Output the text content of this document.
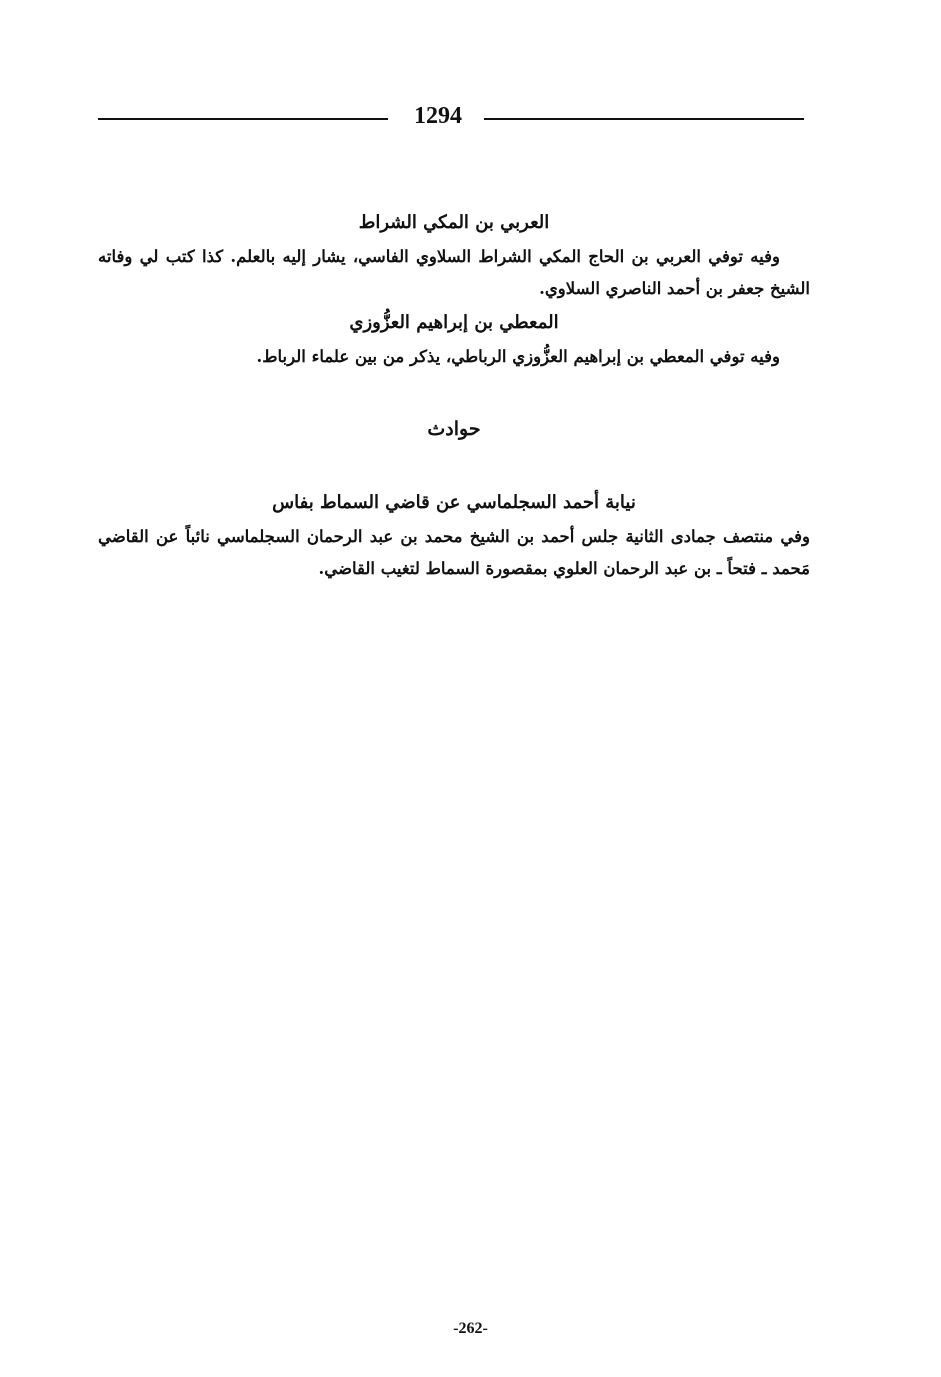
1294
العربي بن المكي الشراط
وفيه توفي العربي بن الحاج المكي الشراط السلاوي الفاسي، يشار إليه بالعلم. كذا كتب لي وفاته الشيخ جعفر بن أحمد الناصري السلاوي.
المعطي بن إبراهيم العزُّوزي
وفيه توفي المعطي بن إبراهيم العزُّوزي الرباطي، يذكر من بين علماء الرباط.
حوادث
نيابة أحمد السجلماسي عن قاضي السماط بفاس
وفي منتصف جمادى الثانية جلس أحمد بن الشيخ محمد بن عبد الرحمان السجلماسي نائباً عن القاضي مَحمد ـ فتحاً ـ بن عبد الرحمان العلوي بمقصورة السماط لتغيب القاضي.
-262-
